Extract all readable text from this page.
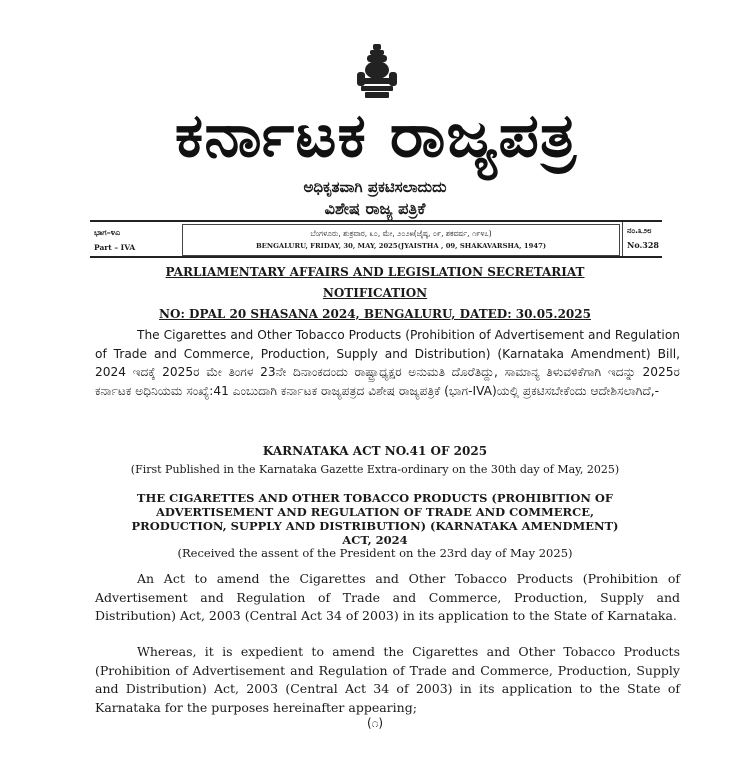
ಕರ್ನಾಟಕ ರಾಜ್ಯಪತ್ರ
ಅಧಿಕೃತವಾಗಿ ಪ್ರಕಟಿಸಲಾದುದು
ವಿಶೇಷ ರಾಜ್ಯ ಪತ್ರಿಕೆ
ಭಾಗ–೪ಎ
Part – IVA
ಬೆಂಗಳೂರು, ಶುಕ್ರವಾರ, ೩೦, ಮೇ, ೨೦೨೫(ಜೈಷ್ಠ, ೦೯, ಶಕವರ್ಷ, ೧೯೪೭)
BENGALURU, FRIDAY, 30, MAY, 2025(JYAISTHA , 09, SHAKAVARSHA, 1947)
ನಂ.೩೨೮
No.328
PARLIAMENTARY AFFAIRS AND LEGISLATION SECRETARIAT
NOTIFICATION
NO: DPAL 20 SHASANA 2024, BENGALURU, DATED: 30.05.2025
The Cigarettes and Other Tobacco Products (Prohibition of Advertisement and Regulation of Trade and Commerce, Production, Supply and Distribution) (Karnataka Amendment) Bill, 2024 ಇದಕ್ಕೆ 2025ರ ಮೇ ತಿಂಗಳ 23ನೇ ದಿನಾಂಕದಂದು ರಾಷ್ಟ್ರಾಧ್ಯಕ್ಷರ ಅನುಮತಿ ದೊರೆತಿದ್ದು, ಸಾಮಾನ್ಯ ತಿಳುವಳಿಕೆಗಾಗಿ ಇದನ್ನು 2025ರ ಕರ್ನಾಟಕ ಅಧಿನಿಯಮ ಸಂಖ್ಯೆ:41 ಎಂಬುದಾಗಿ ಕರ್ನಾಟಕ ರಾಜ್ಯಪತ್ರದ ವಿಶೇಷ ರಾಜ್ಯಪತ್ರಿಕೆ (ಭಾಗ-IVA)ಯಲ್ಲಿ ಪ್ರಕಟಿಸಬೇಕೆಂದು ಆದೇಶಿಸಲಾಗಿದೆ,-
KARNATAKA ACT NO.41 OF 2025
(First Published in the Karnataka Gazette Extra-ordinary on the 30th day of May, 2025)
THE CIGARETTES AND OTHER TOBACCO PRODUCTS (PROHIBITION OF
ADVERTISEMENT AND REGULATION OF TRADE AND COMMERCE,
PRODUCTION, SUPPLY AND DISTRIBUTION) (KARNATAKA AMENDMENT)
ACT, 2024
(Received the assent of the President on the 23rd day of May 2025)
An Act to amend the Cigarettes and Other Tobacco Products (Prohibition of Advertisement and Regulation of Trade and Commerce, Production, Supply and Distribution) Act, 2003 (Central Act 34 of 2003) in its application to the State of Karnataka.
Whereas, it is expedient to amend the Cigarettes and Other Tobacco Products (Prohibition of Advertisement and Regulation of Trade and Commerce, Production, Supply and Distribution) Act, 2003 (Central Act 34 of 2003) in its application to the State of Karnataka for the purposes hereinafter appearing;
(೧)
